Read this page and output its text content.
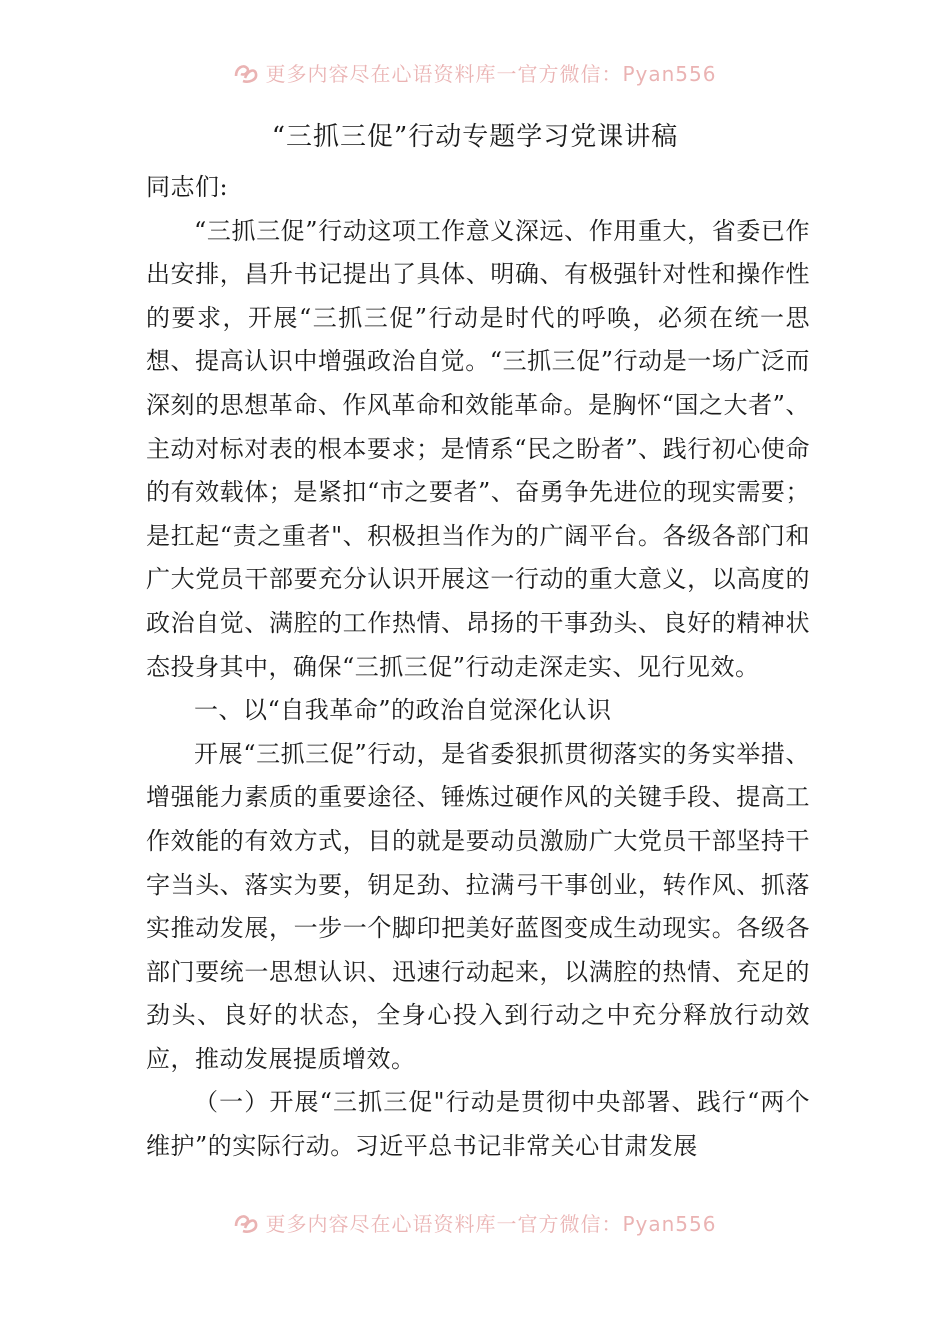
更多内容尽在心语资料库一官方微信：Pyan556
“三抓三促”行动专题学习党课讲稿

同志们:

“三抓三促”行动这项工作意义深远、作用重大，省委已作出安排，昌升书记提出了具体、明确、有极强针对性和操作性的要求，开展“三抓三促”行动是时代的呼唤，必须在统一思想、提高认识中增强政治自觉。“三抓三促”行动是一场广泛而深刻的思想革命、作风革命和效能革命。是胸怀“国之大者”、主动对标对表的根本要求；是情系“民之盼者”、践行初心使命的有效载体；是紧扣“市之要者”、奋勇争先进位的现实需要；是扛起“责之重者"、积极担当作为的广阔平台。各级各部门和广大党员干部要充分认识开展这一行动的重大意义，以高度的政治自觉、满腔的工作热情、昂扬的干事劲头、良好的精神状态投身其中，确保“三抓三促”行动走深走实、见行见效。

一、以“自我革命”的政治自觉深化认识

开展“三抓三促”行动，是省委狠抓贯彻落实的务实举措、增强能力素质的重要途径、锤炼过硬作风的关键手段、提高工作效能的有效方式，目的就是要动员激励广大党员干部坚持干字当头、落实为要，钥足劲、拉满弓干事创业，转作风、抓落实推动发展，一步一个脚印把美好蓝图变成生动现实。各级各部门要统一思想认识、迅速行动起来，以满腔的热情、充足的劲头、良好的状态，全身心投入到行动之中充分释放行动效应，推动发展提质增效。

（一）开展“三抓三促"行动是贯彻中央部署、践行“两个维护”的实际行动。习近平总书记非常关心甘肃发展

更多内容尽在心语资料库一官方微信：Pyan556
